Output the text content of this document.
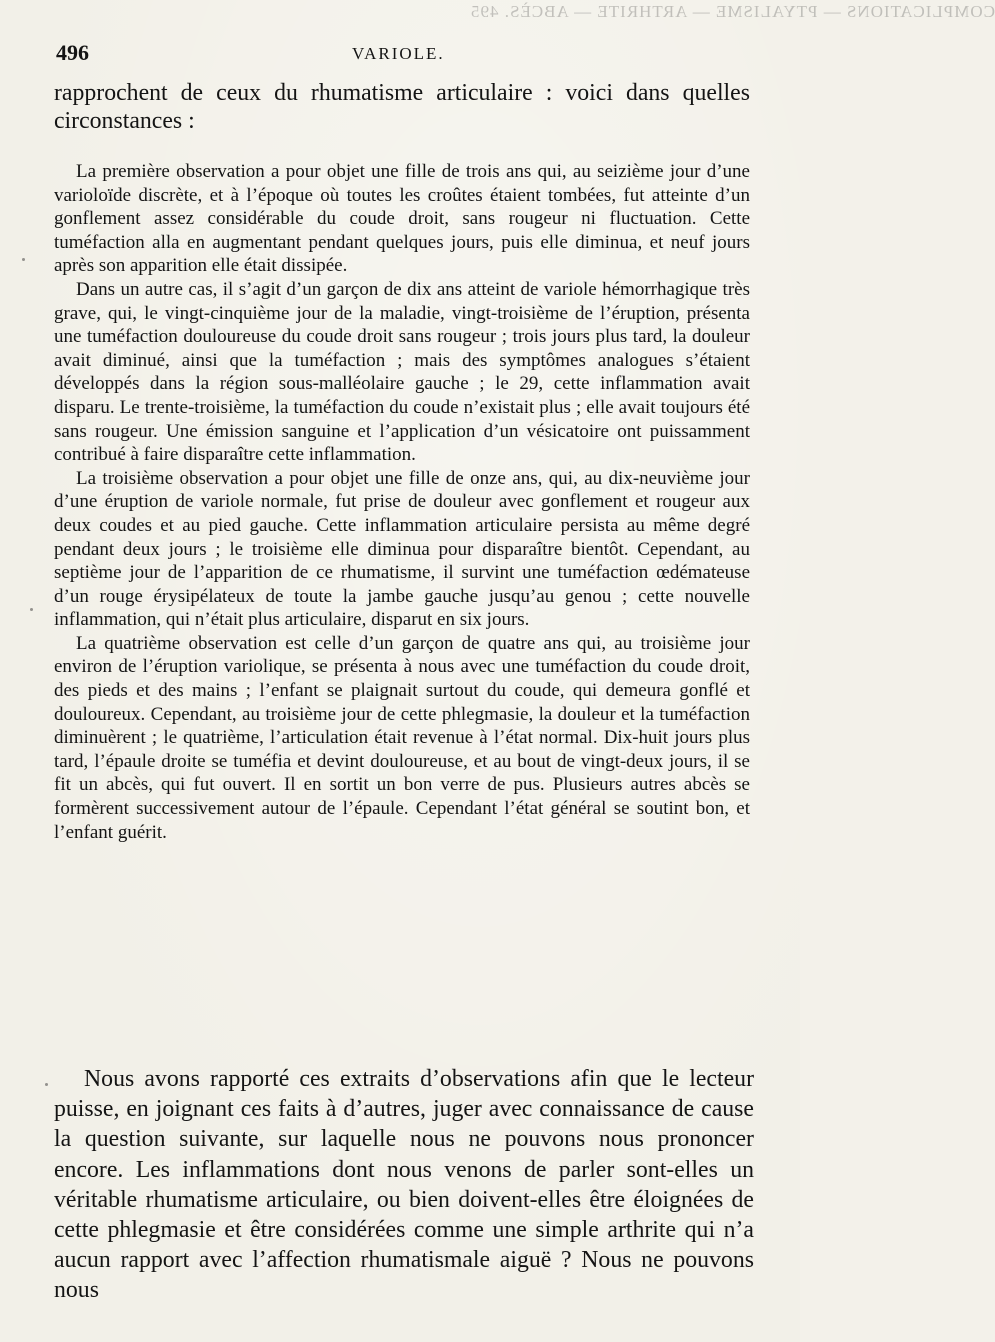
COMPLICATIONS — PTYALISME — ARTHRITE — ABCÈS. 495
496	VARIOLE.
rapprochent de ceux du rhumatisme articulaire : voici dans quelles circonstances :

La première observation a pour objet une fille de trois ans qui, au seizième jour d’une varioloïde discrète, et à l’époque où toutes les croûtes étaient tombées, fut atteinte d’un gonflement assez considérable du coude droit, sans rougeur ni fluctuation. Cette tuméfaction alla en augmentant pendant quelques jours, puis elle diminua, et neuf jours après son apparition elle était dissipée.

Dans un autre cas, il s’agit d’un garçon de dix ans atteint de variole hémorrhagique très grave, qui, le vingt-cinquième jour de la maladie, vingt-troisième de l’éruption, présenta une tuméfaction douloureuse du coude droit sans rougeur ; trois jours plus tard, la douleur avait diminué, ainsi que la tuméfaction ; mais des symptômes analogues s’étaient développés dans la région sous-malléolaire gauche ; le 29, cette inflammation avait disparu. Le trente-troisième, la tuméfaction du coude n’existait plus ; elle avait toujours été sans rougeur. Une émission sanguine et l’application d’un vésicatoire ont puissamment contribué à faire disparaître cette inflammation.

La troisième observation a pour objet une fille de onze ans, qui, au dix-neuvième jour d’une éruption de variole normale, fut prise de douleur avec gonflement et rougeur aux deux coudes et au pied gauche. Cette inflammation articulaire persista au même degré pendant deux jours ; le troisième elle diminua pour disparaître bientôt. Cependant, au septième jour de l’apparition de ce rhumatisme, il survint une tuméfaction œdémateuse d’un rouge érysipélateux de toute la jambe gauche jusqu’au genou ; cette nouvelle inflammation, qui n’était plus articulaire, disparut en six jours.

La quatrième observation est celle d’un garçon de quatre ans qui, au troisième jour environ de l’éruption variolique, se présenta à nous avec une tuméfaction du coude droit, des pieds et des mains ; l’enfant se plaignait surtout du coude, qui demeura gonflé et douloureux. Cependant, au troisième jour de cette phlegmasie, la douleur et la tuméfaction diminuèrent ; le quatrième, l’articulation était revenue à l’état normal. Dix-huit jours plus tard, l’épaule droite se tuméfia et devint douloureuse, et au bout de vingt-deux jours, il se fit un abcès, qui fut ouvert. Il en sortit un bon verre de pus. Plusieurs autres abcès se formèrent successivement autour de l’épaule. Cependant l’état général se soutint bon, et l’enfant guérit.

Nous avons rapporté ces extraits d’observations afin que le lecteur puisse, en joignant ces faits à d’autres, juger avec connaissance de cause la question suivante, sur laquelle nous ne pouvons nous prononcer encore. Les inflammations dont nous venons de parler sont-elles un véritable rhumatisme articulaire, ou bien doivent-elles être éloignées de cette phlegmasie et être considérées comme une simple arthrite qui n’a aucun rapport avec l’affection rhumatismale aiguë ? Nous ne pouvons nous
